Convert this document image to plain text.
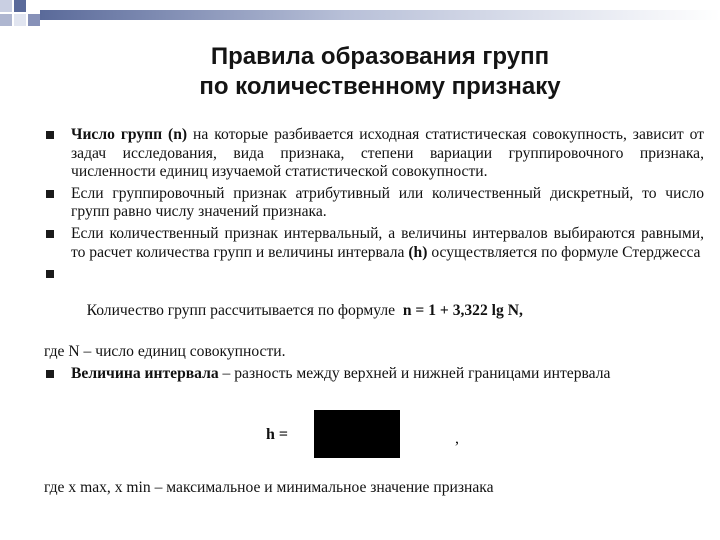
Правила образования групп
по количественному признаку
Число групп (n) на которые разбивается исходная статистическая совокупность, зависит от задач исследования, вида признака, степени вариации группировочного признака, численности единиц изучаемой статистической совокупности.
Если группировочный признак атрибутивный или количественный дискретный, то число групп равно числу значений признака.
Если количественный признак интервальный, а величины интервалов выбираются равными, то расчет количества групп и величины интервала (h) осуществляется по формуле Стерджесса

Количество групп рассчитывается по формуле  n = 1 + 3,322 lg N,

где N – число единиц совокупности.
Величина интервала – разность между верхней и нижней границами интервала
h =	,
где x max, x min – максимальное и минимальное значение признака
